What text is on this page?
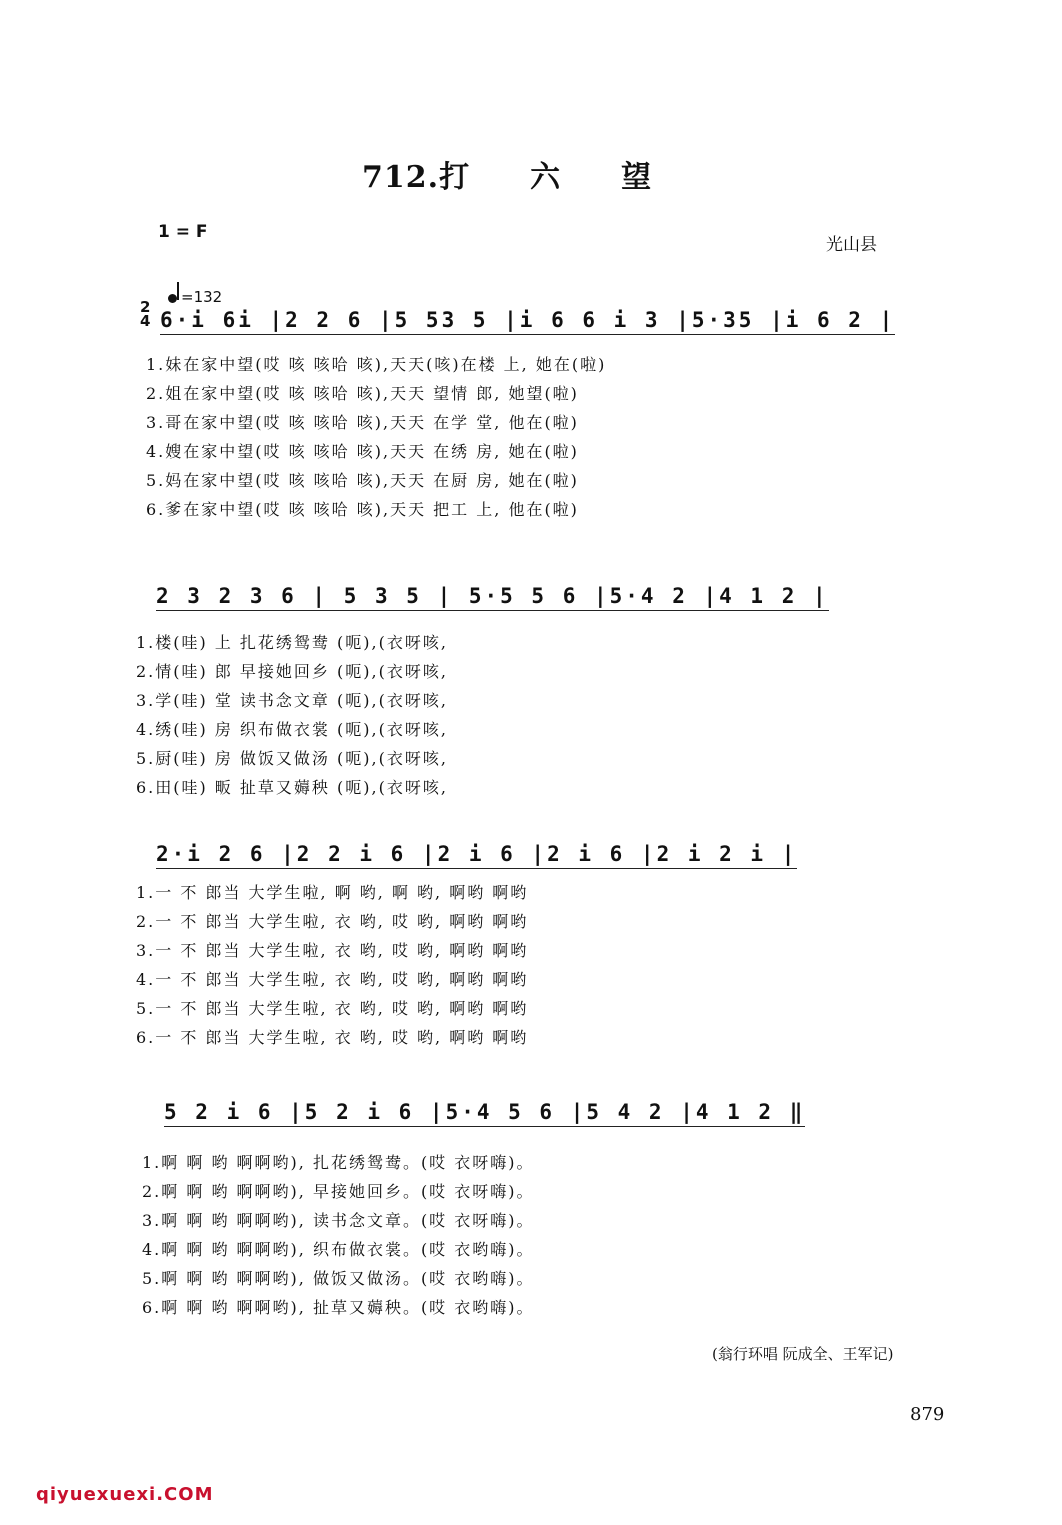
712.打 六 望
1 = F
光山县
=132
2
4 6·i 6i |2 2 6 |5 53 5 |i 6 6 i 3 |5·35 |i 6 2 |
1.妹在家中望(哎 咳 咳哈 咳),天天(咳)在楼 上, 她在(啦)
2.姐在家中望(哎 咳 咳哈 咳),天天 望情 郎, 她望(啦)
3.哥在家中望(哎 咳 咳哈 咳),天天 在学 堂, 他在(啦)
4.嫂在家中望(哎 咳 咳哈 咳),天天 在绣 房, 她在(啦)
5.妈在家中望(哎 咳 咳哈 咳),天天 在厨 房, 她在(啦)
6.爹在家中望(哎 咳 咳哈 咳),天天 把工 上, 他在(啦)
2 3 2 3 6 | 5 3 5 | 5·5 5 6 |5·4 2 |4 1 2 |
1.楼(哇) 上 扎花绣鸳鸯 (呃),(衣呀咳,
2.情(哇) 郎 早接她回乡 (呃),(衣呀咳,
3.学(哇) 堂 读书念文章 (呃),(衣呀咳,
4.绣(哇) 房 织布做衣裳 (呃),(衣呀咳,
5.厨(哇) 房 做饭又做汤 (呃),(衣呀咳,
6.田(哇) 畈 扯草又薅秧 (呃),(衣呀咳,
2·i 2 6 |2 2 i 6 |2 i 6 |2 i 6 |2 i 2 i |
1.一 不 郎当 大学生啦, 啊 哟, 啊 哟, 啊哟 啊哟
2.一 不 郎当 大学生啦, 衣 哟, 哎 哟, 啊哟 啊哟
3.一 不 郎当 大学生啦, 衣 哟, 哎 哟, 啊哟 啊哟
4.一 不 郎当 大学生啦, 衣 哟, 哎 哟, 啊哟 啊哟
5.一 不 郎当 大学生啦, 衣 哟, 哎 哟, 啊哟 啊哟
6.一 不 郎当 大学生啦, 衣 哟, 哎 哟, 啊哟 啊哟
5 2 i 6 |5 2 i 6 |5·4 5 6 |5 4 2 |4 1 2 ‖
1.啊 啊 哟 啊啊哟), 扎花绣鸳鸯。(哎 衣呀嗨)。
2.啊 啊 哟 啊啊哟), 早接她回乡。(哎 衣呀嗨)。
3.啊 啊 哟 啊啊哟), 读书念文章。(哎 衣呀嗨)。
4.啊 啊 哟 啊啊哟), 织布做衣裳。(哎 衣哟嗨)。
5.啊 啊 哟 啊啊哟), 做饭又做汤。(哎 衣哟嗨)。
6.啊 啊 哟 啊啊哟), 扯草又薅秧。(哎 衣哟嗨)。
(翁行环唱 阮成全、王军记)
879
qiyuexuexi.COM
